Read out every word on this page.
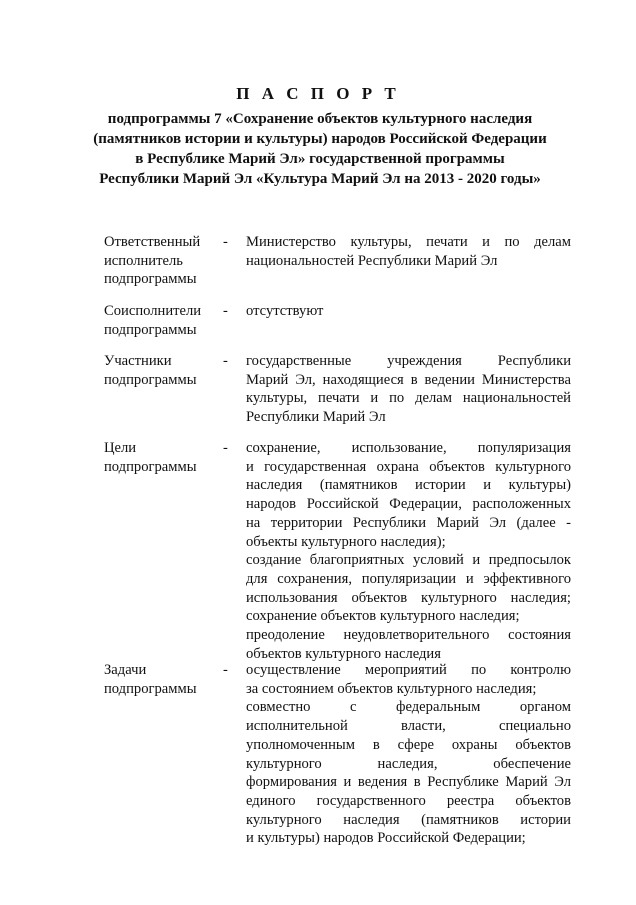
П А С П О Р Т
подпрограммы 7 «Сохранение объектов культурного наследия
(памятников истории и культуры) народов Российской Федерации
в Республике Марий Эл» государственной программы
Республики Марий Эл «Культура Марий Эл на 2013 - 2020 годы»
Ответственный
исполнитель
подпрограммы
- Министерство культуры, печати и по делам
национальностей Республики Марий Эл
Соисполнители
подпрограммы
- отсутствуют
Участники
подпрограммы
- государственные учреждения Республики
Марий Эл, находящиеся в ведении Министерства
культуры, печати и по делам национальностей
Республики Марий Эл
Цели
подпрограммы
- сохранение, использование, популяризация
и государственная охрана объектов культурного
наследия (памятников истории и культуры)
народов Российской Федерации, расположенных
на территории Республики Марий Эл (далее -
объекты культурного наследия);
создание благоприятных условий и предпосылок
для сохранения, популяризации и эффективного
использования объектов культурного наследия;
сохранение объектов культурного наследия;
преодоление неудовлетворительного состояния
объектов культурного наследия
Задачи
подпрограммы
- осуществление мероприятий по контролю
за состоянием объектов культурного наследия;
совместно с федеральным органом
исполнительной власти, специально
уполномоченным в сфере охраны объектов
культурного наследия, обеспечение
формирования и ведения в Республике Марий Эл
единого государственного реестра объектов
культурного наследия (памятников истории
и культуры) народов Российской Федерации;
